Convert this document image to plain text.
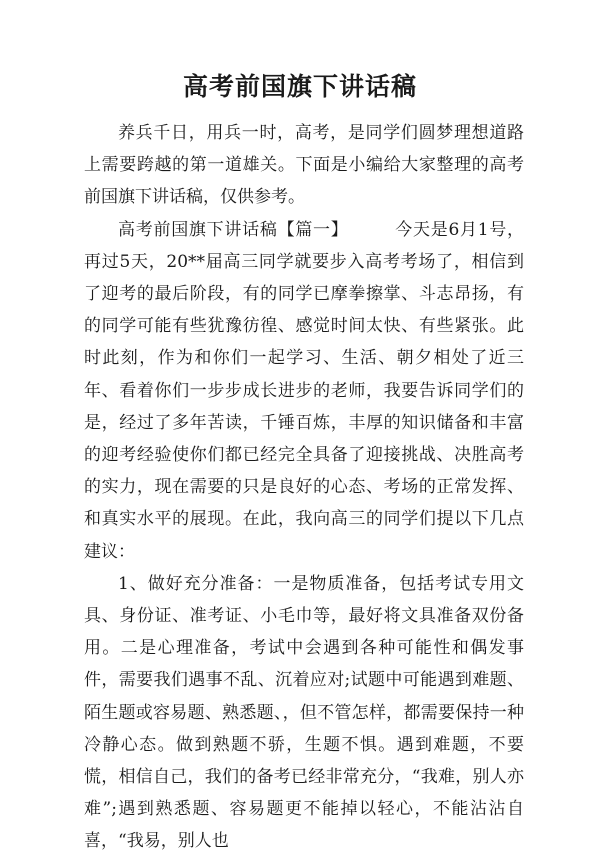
高考前国旗下讲话稿

养兵千日，用兵一时，高考，是同学们圆梦理想道路上需要跨越的第一道雄关。下面是小编给大家整理的高考前国旗下讲话稿，仅供参考。

高考前国旗下讲话稿【篇一】	今天是6月1号，再过5天，20**届高三同学就要步入高考考场了，相信到了迎考的最后阶段，有的同学已摩拳擦掌、斗志昂扬，有的同学可能有些犹豫彷徨、感觉时间太快、有些紧张。此时此刻，作为和你们一起学习、生活、朝夕相处了近三年、看着你们一步步成长进步的老师，我要告诉同学们的是，经过了多年苦读，千锤百炼，丰厚的知识储备和丰富的迎考经验使你们都已经完全具备了迎接挑战、决胜高考的实力，现在需要的只是良好的心态、考场的正常发挥、和真实水平的展现。在此，我向高三的同学们提以下几点建议：

1、做好充分准备：一是物质准备，包括考试专用文具、身份证、准考证、小毛巾等，最好将文具准备双份备用。二是心理准备，考试中会遇到各种可能性和偶发事件，需要我们遇事不乱、沉着应对;试题中可能遇到难题、陌生题或容易题、熟悉题、，但不管怎样，都需要保持一种冷静心态。做到熟题不骄，生题不惧。遇到难题，不要慌，相信自己，我们的备考已经非常充分，“我难，别人亦难”;遇到熟悉题、容易题更不能掉以轻心，不能沾沾自喜，“我易，别人也
